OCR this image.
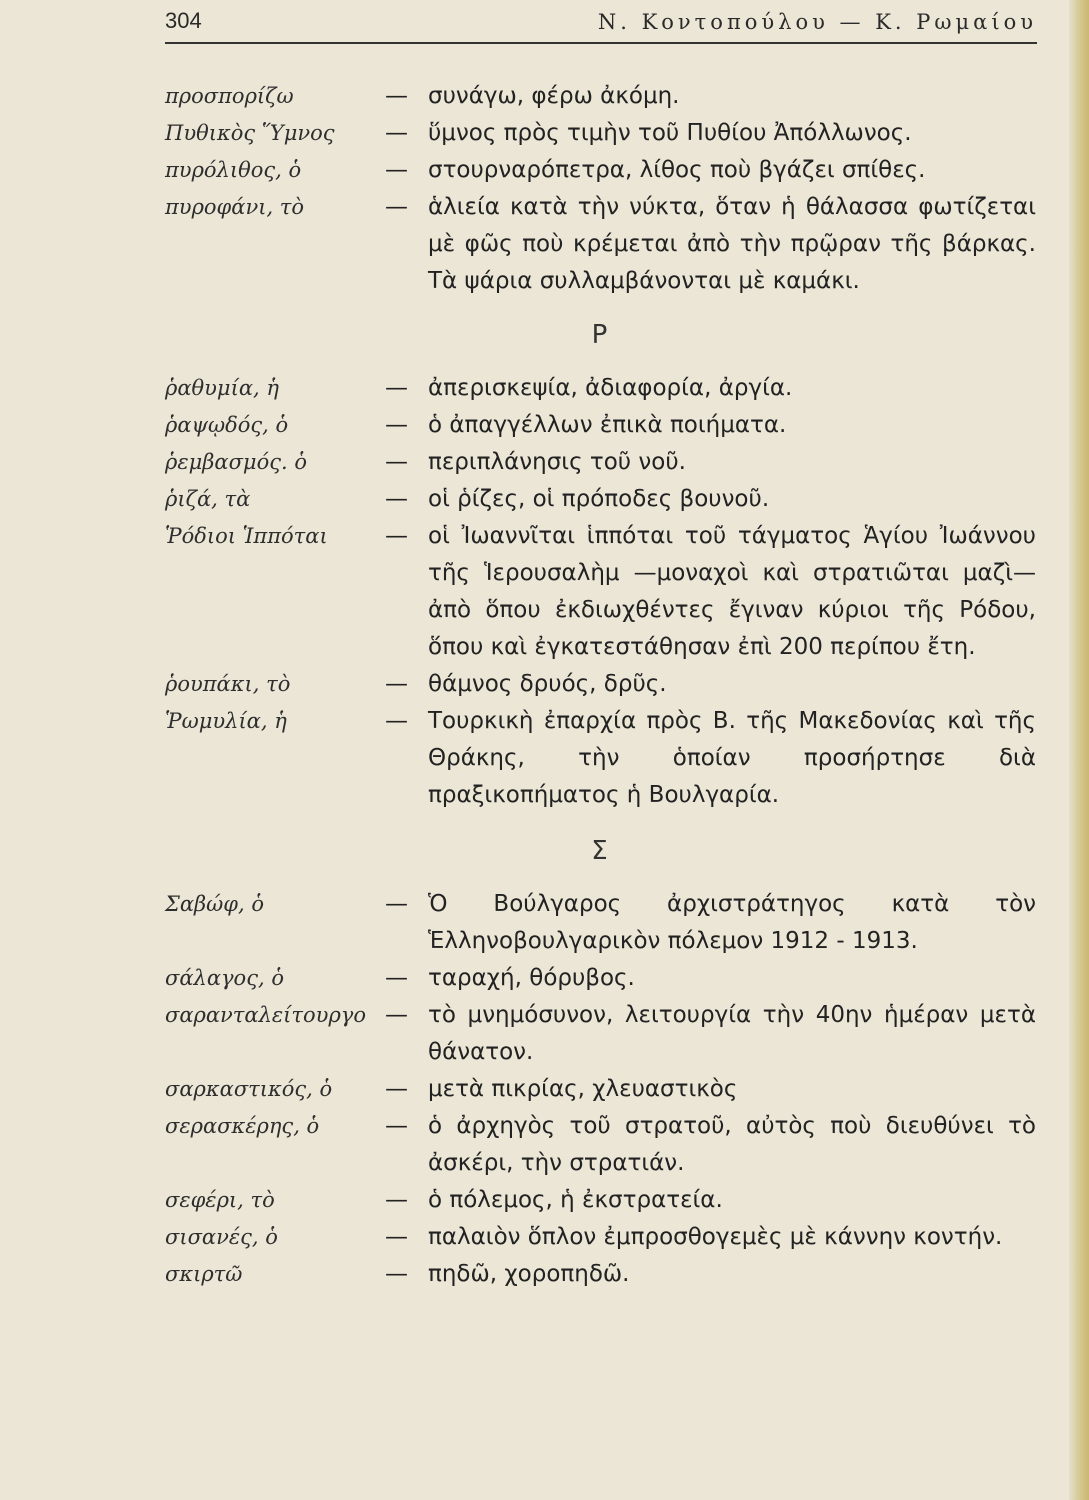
304	Ν. Κοντοπούλου — Κ. Ρωμαίου
προσπορίζω	— συνάγω, φέρω ἀκόμη.
Πυθικὸς Ὕμνος	— ὕμνος πρὸς τιμὴν τοῦ Πυθίου Ἀπόλλωνος.
πυρόλιθος, ὁ	— στουρναρόπετρα, λίθος ποὺ βγάζει σπίθες.
πυροφάνι, τὸ	— ἁλιεία κατὰ τὴν νύκτα, ὅταν ἡ θάλασσα φωτίζεται μὲ φῶς ποὺ κρέμεται ἀπὸ τὴν πρῷραν τῆς βάρκας. Τὰ ψάρια συλλαμβάνονται μὲ καμάκι.
Ρ
ῥαθυμία, ἡ	— ἀπερισκεψία, ἀδιαφορία, ἀργία.
ῥαψῳδός, ὁ	— ὁ ἀπαγγέλλων ἐπικὰ ποιήματα.
ῥεμβασμός. ὁ	— περιπλάνησις τοῦ νοῦ.
ῥιζά, τὰ	— οἱ ῥίζες, οἱ πρόποδες βουνοῦ.
Ῥόδιοι Ἱππόται	— οἱ Ἰωαννῖται ἱππόται τοῦ τάγματος Ἁγίου Ἰωάννου τῆς Ἱερουσαλὴμ —μοναχοὶ καὶ στρατιῶται μαζὶ— ἀπὸ ὅπου ἐκδιωχθέντες ἔγιναν κύριοι τῆς Ρόδου, ὅπου καὶ ἐγκατεστάθησαν ἐπὶ 200 περίπου ἔτη.
ῥουπάκι, τὸ	— θάμνος δρυός, δρῦς.
Ῥωμυλία, ἡ	— Τουρκικὴ ἐπαρχία πρὸς Β. τῆς Μακεδονίας καὶ τῆς Θράκης, τὴν ὁποίαν προσήρτησε διὰ πραξικοπήματος ἡ Βουλγαρία.
Σ
Σαβώφ, ὁ	— Ὁ Βούλγαρος ἀρχιστράτηγος κατὰ τὸν Ἑλληνοβουλγαρικὸν πόλεμον 1912 - 1913.
σάλαγος, ὁ	— ταραχή, θόρυβος.
σαρανταλείτουργο — τὸ μνημόσυνον, λειτουργία τὴν 40ην ἡμέραν μετὰ θάνατον.
σαρκαστικός, ὁ	— μετὰ πικρίας, χλευαστικὸς
σερασκέρης, ὁ	— ὁ ἀρχηγὸς τοῦ στρατοῦ, αὐτὸς ποὺ διευθύνει τὸ ἀσκέρι, τὴν στρατιάν.
σεφέρι, τὸ	— ὁ πόλεμος, ἡ ἐκστρατεία.
σισανές, ὁ	— παλαιὸν ὅπλον ἐμπροσθογεμὲς μὲ κάννην κοντήν.
σκιρτῶ	— πηδῶ, χοροπηδῶ.
